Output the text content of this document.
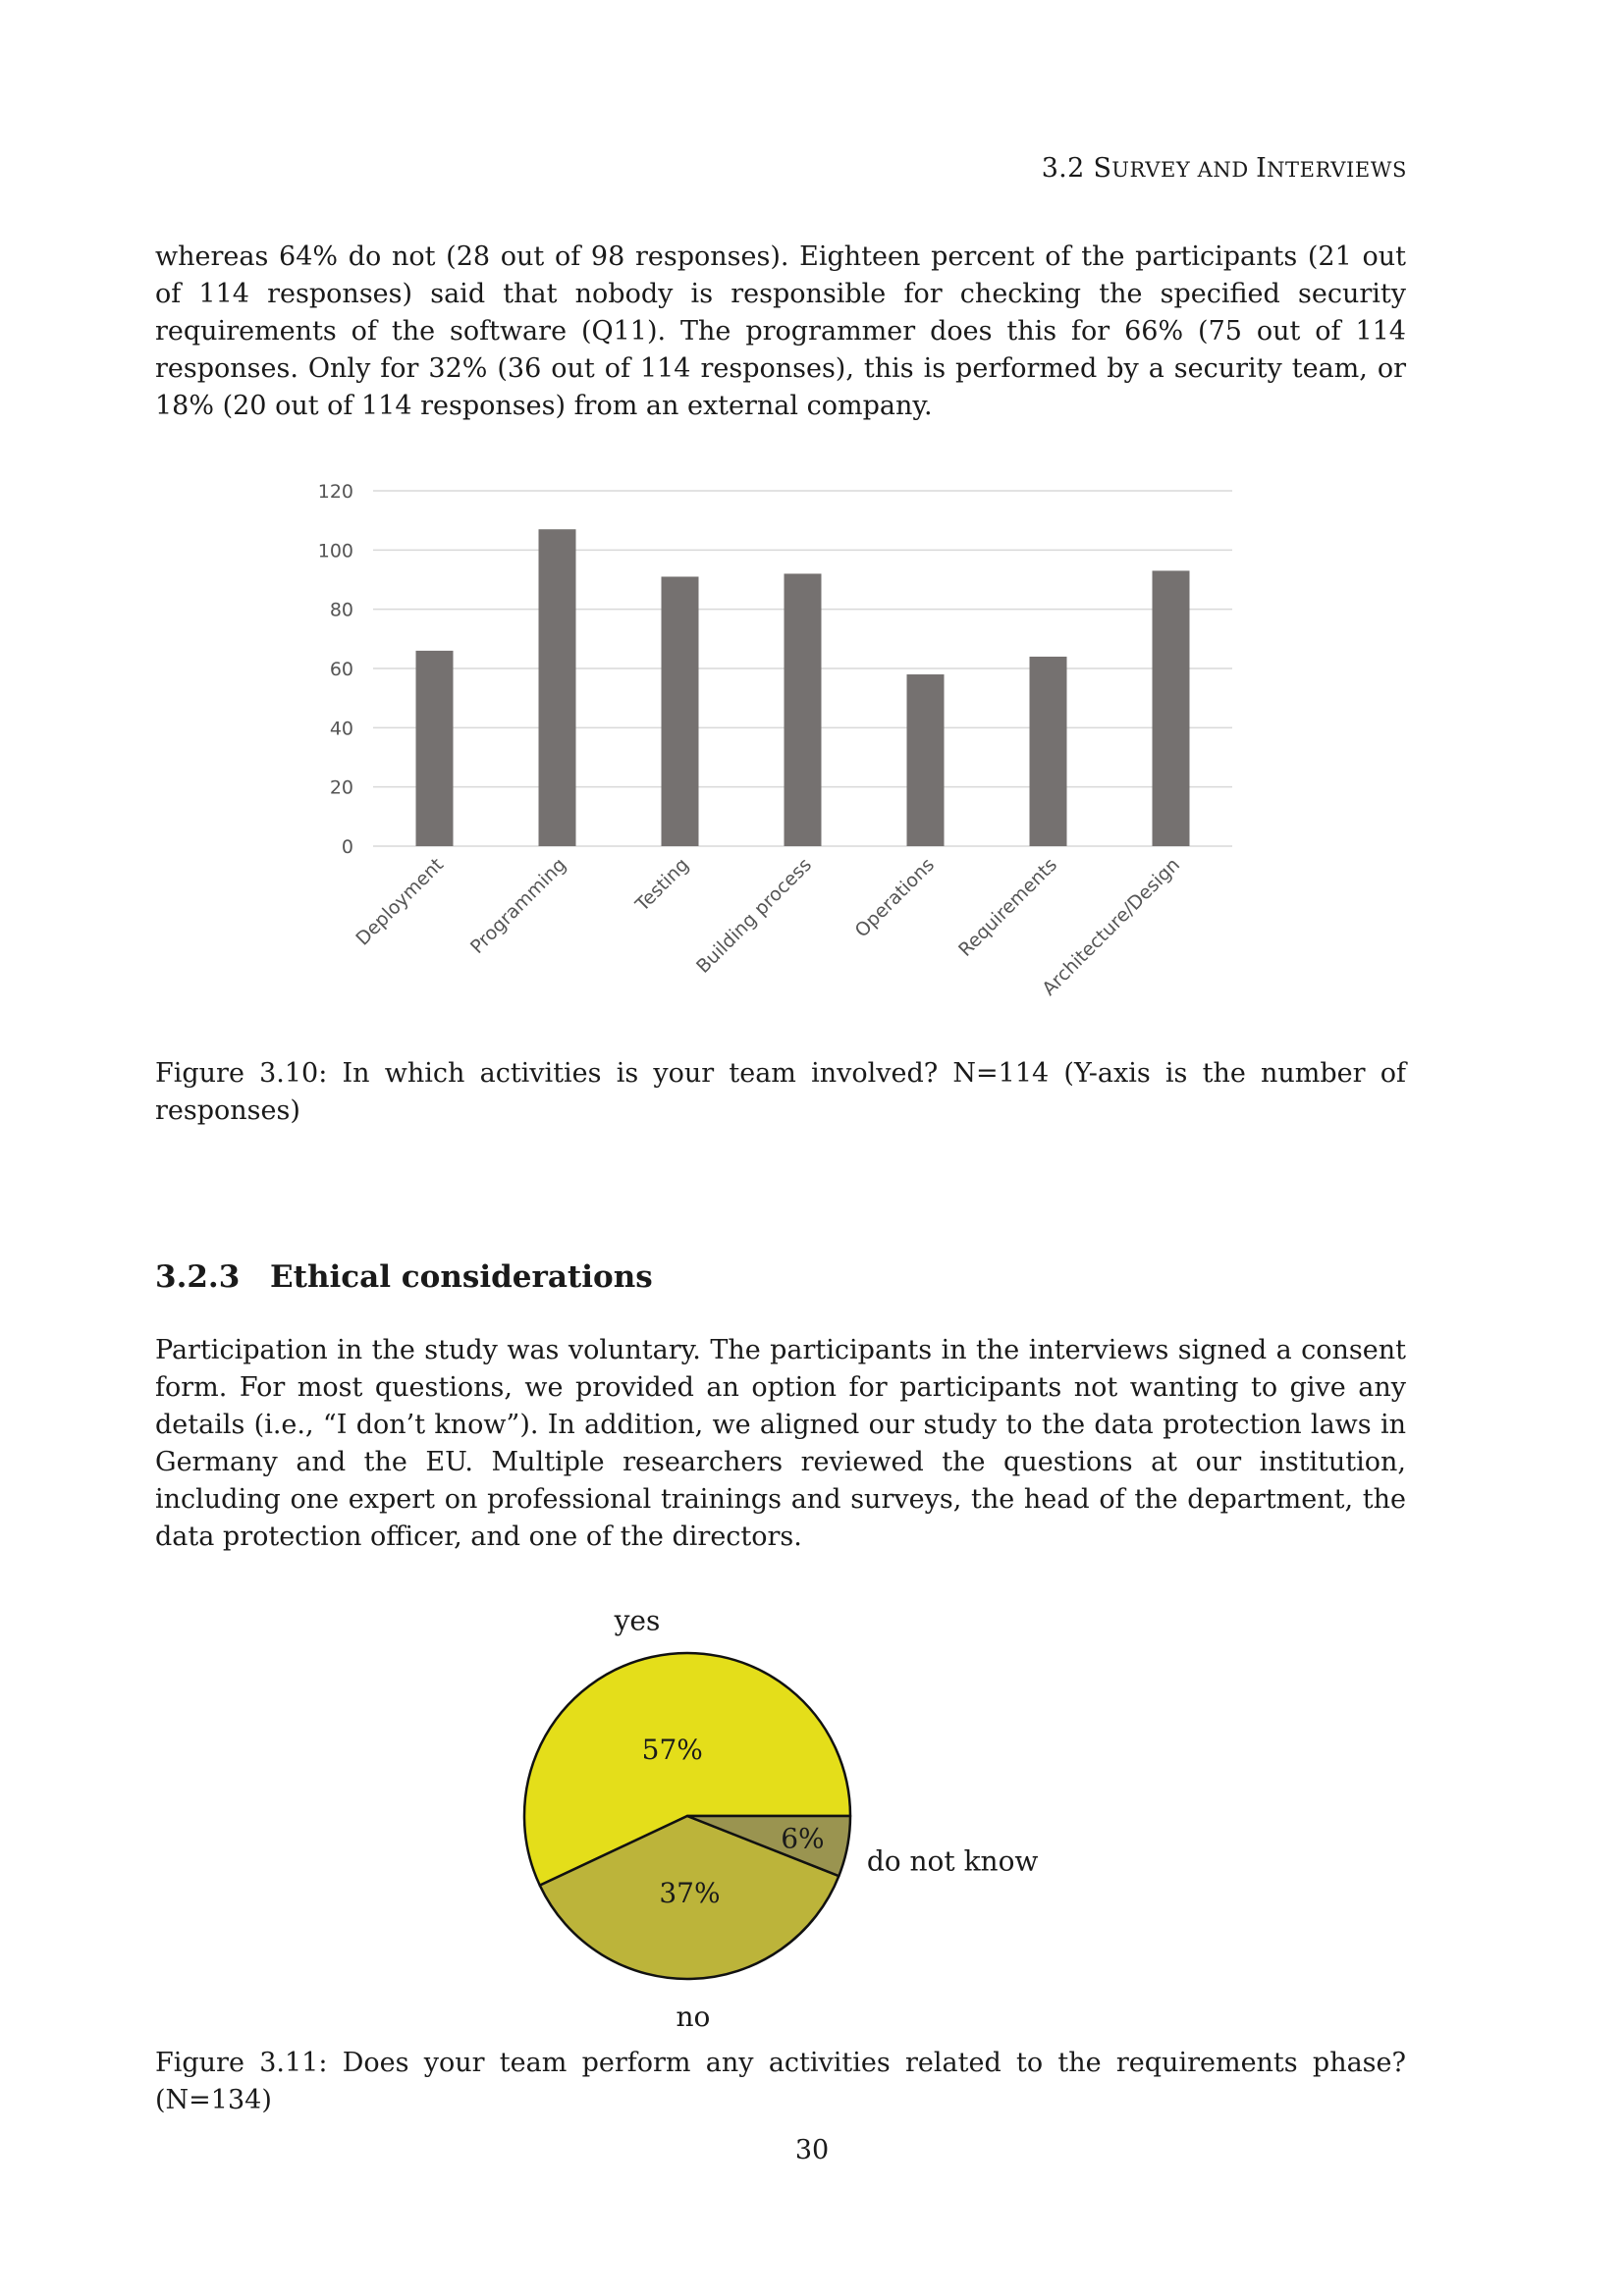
3.2 SURVEY AND INTERVIEWS

whereas 64% do not (28 out of 98 responses). Eighteen percent of the participants (21 out of 114 responses) said that nobody is responsible for checking the specified security requirements of the software (Q11). The programmer does this for 66% (75 out of 114 responses. Only for 32% (36 out of 114 responses), this is performed by a security team, or 18% (20 out of 114 responses) from an external company.

0
20
40
60
80
100
120
Deployment Programming	Testing Building process Operations Requirements
Architecture/Design

Figure 3.10: In which activities is your team involved? N=114 (Y-axis is the number of responses)

3.2.3 Ethical considerations

Participation in the study was voluntary. The participants in the interviews signed a consent form. For most questions, we provided an option for participants not wanting to give any details (i.e., “I don’t know”). In addition, we aligned our study to the data protection laws in Germany and the EU. Multiple researchers reviewed the questions at our institution, including one expert on professional trainings and surveys, the head of the department, the data protection officer, and one of the directors.

57%
yes
37%
no
6%
do not know

Figure 3.11: Does your team perform any activities related to the requirements phase? (N=134)

30
